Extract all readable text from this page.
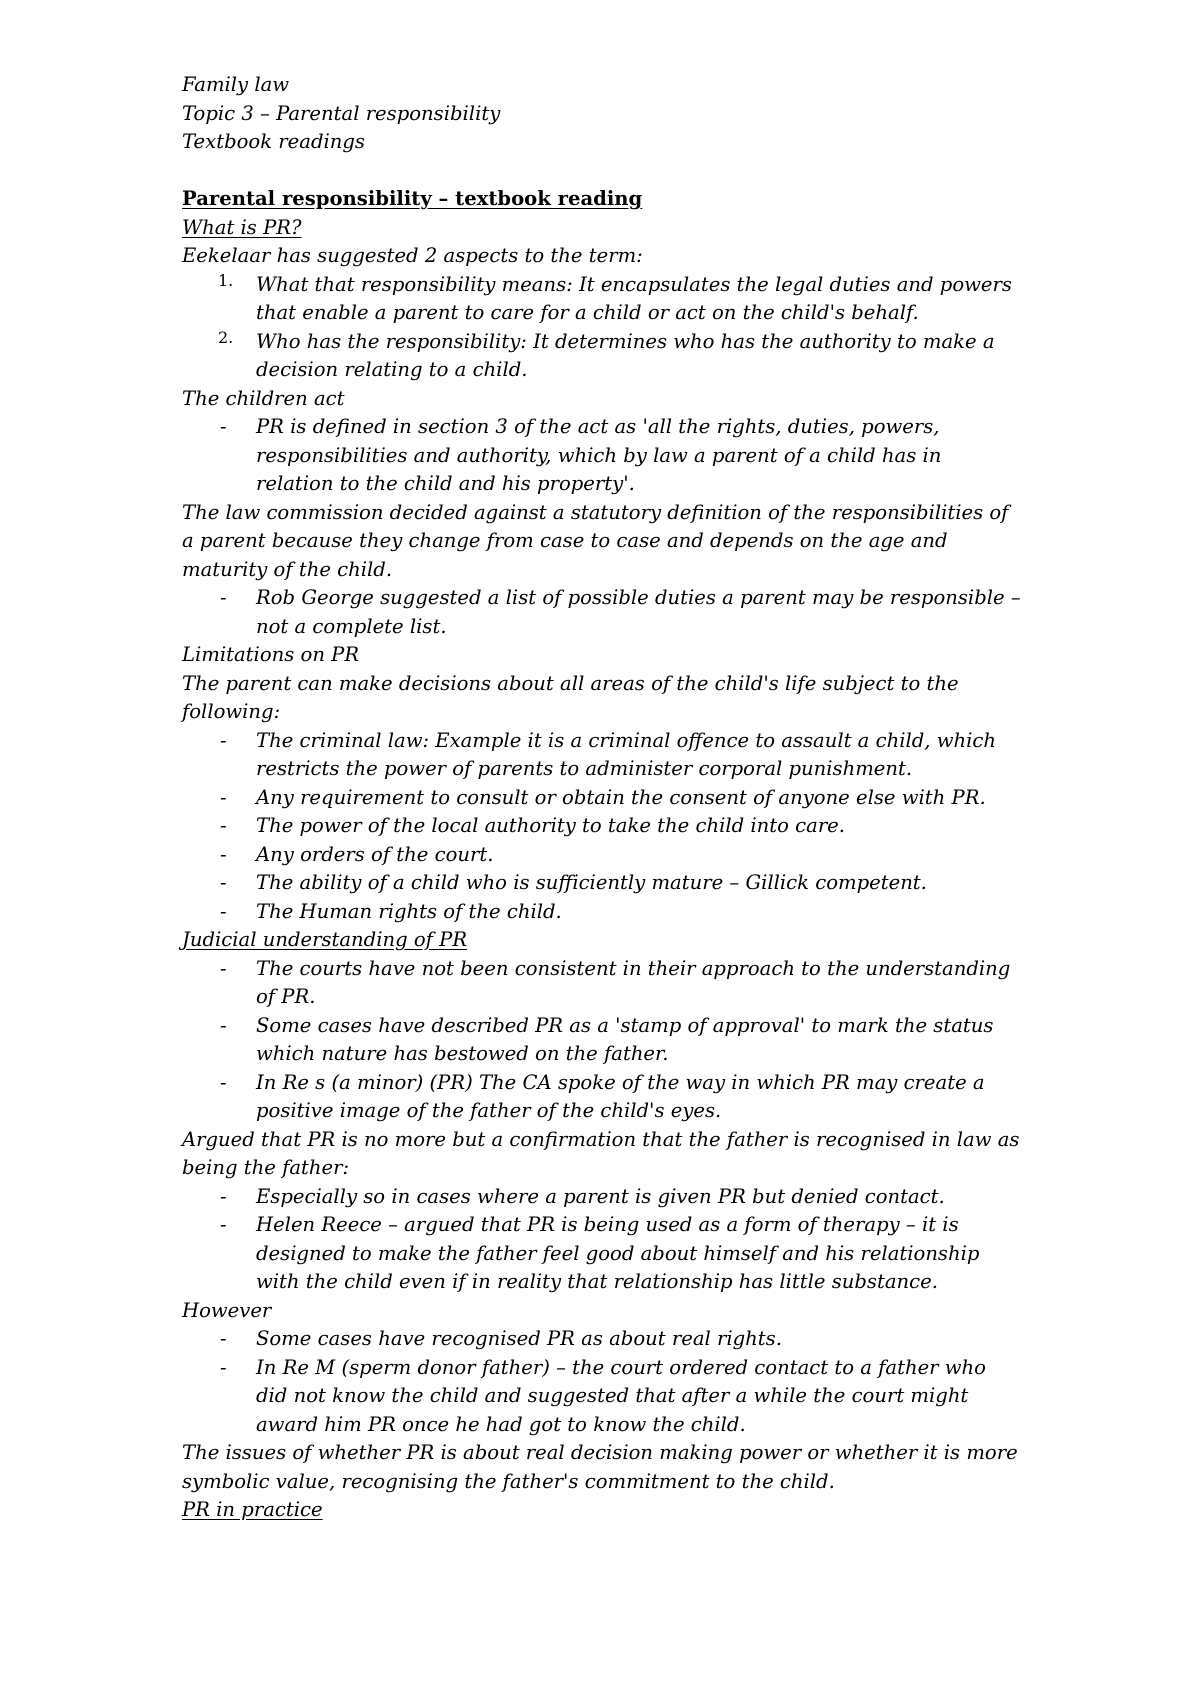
Family law
Topic 3 – Parental responsibility
Textbook readings
Parental responsibility – textbook reading
What is PR?
Eekelaar has suggested 2 aspects to the term:
1. What that responsibility means: It encapsulates the legal duties and powers
that enable a parent to care for a child or act on the child's behalf.
2. Who has the responsibility: It determines who has the authority to make a
decision relating to a child.
The children act
- PR is defined in section 3 of the act as 'all the rights, duties, powers,
responsibilities and authority, which by law a parent of a child has in
relation to the child and his property'.
The law commission decided against a statutory definition of the responsibilities of
a parent because they change from case to case and depends on the age and
maturity of the child.
- Rob George suggested a list of possible duties a parent may be responsible –
not a complete list.
Limitations on PR
The parent can make decisions about all areas of the child's life subject to the
following:
- The criminal law: Example it is a criminal offence to assault a child, which
restricts the power of parents to administer corporal punishment.
- Any requirement to consult or obtain the consent of anyone else with PR.
- The power of the local authority to take the child into care.
- Any orders of the court.
- The ability of a child who is sufficiently mature – Gillick competent.
- The Human rights of the child.
Judicial understanding of PR
- The courts have not been consistent in their approach to the understanding
of PR.
- Some cases have described PR as a 'stamp of approval' to mark the status
which nature has bestowed on the father.
- In Re s (a minor) (PR) The CA spoke of the way in which PR may create a
positive image of the father of the child's eyes.
Argued that PR is no more but a confirmation that the father is recognised in law as
being the father:
- Especially so in cases where a parent is given PR but denied contact.
- Helen Reece – argued that PR is being used as a form of therapy – it is
designed to make the father feel good about himself and his relationship
with the child even if in reality that relationship has little substance.
However
- Some cases have recognised PR as about real rights.
- In Re M (sperm donor father) – the court ordered contact to a father who
did not know the child and suggested that after a while the court might
award him PR once he had got to know the child.
The issues of whether PR is about real decision making power or whether it is more
symbolic value, recognising the father's commitment to the child.
PR in practice
